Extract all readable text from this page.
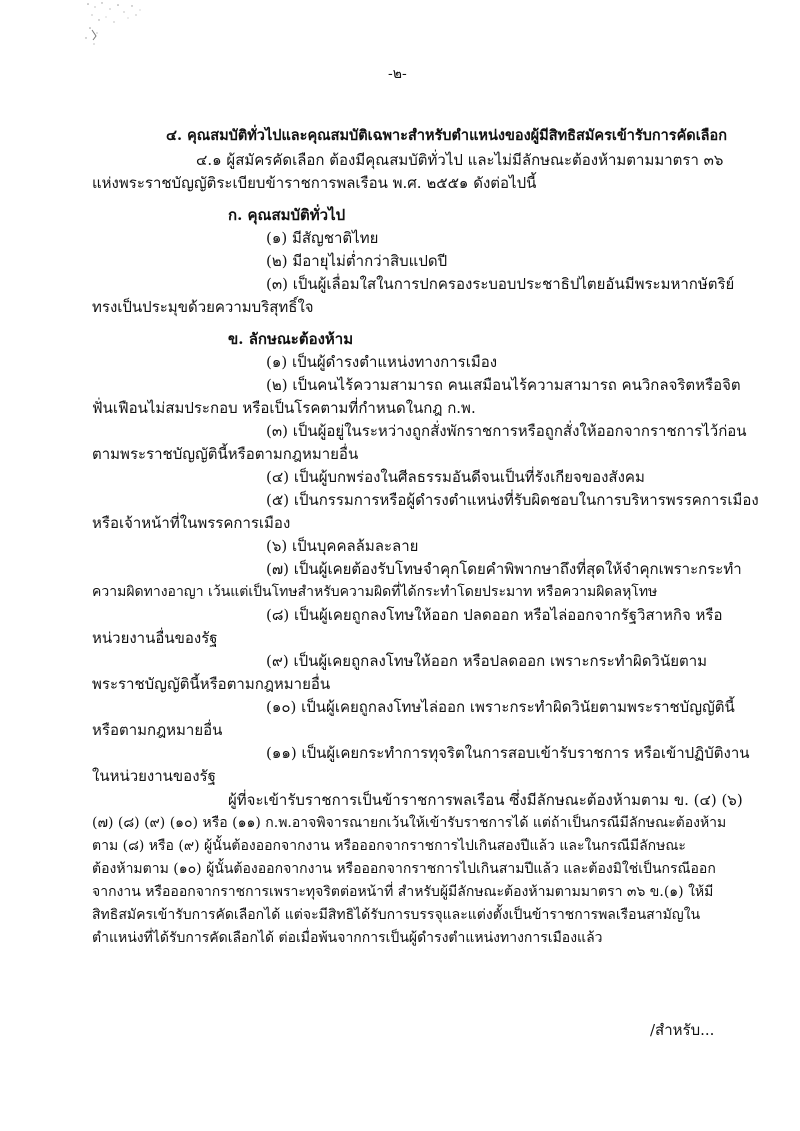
-๒-
๔. คุณสมบัติทั่วไปและคุณสมบัติเฉพาะสำหรับตำแหน่งของผู้มีสิทธิสมัครเข้ารับการคัดเลือก
๔.๑ ผู้สมัครคัดเลือก ต้องมีคุณสมบัติทั่วไป และไม่มีลักษณะต้องห้ามตามมาตรา ๓๖
แห่งพระราชบัญญัติระเบียบข้าราชการพลเรือน พ.ศ. ๒๕๕๑ ดังต่อไปนี้
ก. คุณสมบัติทั่วไป
(๑) มีสัญชาติไทย
(๒) มีอายุไม่ต่ำกว่าสิบแปดปี
(๓) เป็นผู้เลื่อมใสในการปกครองระบอบประชาธิปไตยอันมีพระมหากษัตริย์
ทรงเป็นประมุขด้วยความบริสุทธิ์ใจ
ข. ลักษณะต้องห้าม
(๑) เป็นผู้ดำรงตำแหน่งทางการเมือง
(๒) เป็นคนไร้ความสามารถ คนเสมือนไร้ความสามารถ คนวิกลจริตหรือจิต
ฟั่นเฟือนไม่สมประกอบ หรือเป็นโรคตามที่กำหนดในกฎ ก.พ.
(๓) เป็นผู้อยู่ในระหว่างถูกสั่งพักราชการหรือถูกสั่งให้ออกจากราชการไว้ก่อน
ตามพระราชบัญญัตินี้หรือตามกฎหมายอื่น
(๔) เป็นผู้บกพร่องในศีลธรรมอันดีจนเป็นที่รังเกียจของสังคม
(๕) เป็นกรรมการหรือผู้ดำรงตำแหน่งที่รับผิดชอบในการบริหารพรรคการเมือง
หรือเจ้าหน้าที่ในพรรคการเมือง
(๖) เป็นบุคคลล้มละลาย
(๗) เป็นผู้เคยต้องรับโทษจำคุกโดยคำพิพากษาถึงที่สุดให้จำคุกเพราะกระทำ
ความผิดทางอาญา เว้นแต่เป็นโทษสำหรับความผิดที่ได้กระทำโดยประมาท หรือความผิดลหุโทษ
(๘) เป็นผู้เคยถูกลงโทษให้ออก ปลดออก หรือไล่ออกจากรัฐวิสาหกิจ หรือ
หน่วยงานอื่นของรัฐ
(๙) เป็นผู้เคยถูกลงโทษให้ออก หรือปลดออก เพราะกระทำผิดวินัยตาม
พระราชบัญญัตินี้หรือตามกฎหมายอื่น
(๑๐) เป็นผู้เคยถูกลงโทษไล่ออก เพราะกระทำผิดวินัยตามพระราชบัญญัตินี้
หรือตามกฎหมายอื่น
(๑๑) เป็นผู้เคยกระทำการทุจริตในการสอบเข้ารับราชการ หรือเข้าปฏิบัติงาน
ในหน่วยงานของรัฐ
ผู้ที่จะเข้ารับราชการเป็นข้าราชการพลเรือน ซึ่งมีลักษณะต้องห้ามตาม ข. (๔) (๖)
(๗) (๘) (๙) (๑๐) หรือ (๑๑) ก.พ.อาจพิจารณายกเว้นให้เข้ารับราชการได้ แต่ถ้าเป็นกรณีมีลักษณะต้องห้าม
ตาม (๘) หรือ (๙) ผู้นั้นต้องออกจากงาน หรือออกจากราชการไปเกินสองปีแล้ว และในกรณีมีลักษณะ
ต้องห้ามตาม (๑๐) ผู้นั้นต้องออกจากงาน หรือออกจากราชการไปเกินสามปีแล้ว และต้องมิใช่เป็นกรณีออก
จากงาน หรือออกจากราชการเพราะทุจริตต่อหน้าที่ สำหรับผู้มีลักษณะต้องห้ามตามมาตรา ๓๖ ข.(๑) ให้มี
สิทธิสมัครเข้ารับการคัดเลือกได้ แต่จะมีสิทธิได้รับการบรรจุและแต่งตั้งเป็นข้าราชการพลเรือนสามัญใน
ตำแหน่งที่ได้รับการคัดเลือกได้ ต่อเมื่อพ้นจากการเป็นผู้ดำรงตำแหน่งทางการเมืองแล้ว
/สำหรับ...
